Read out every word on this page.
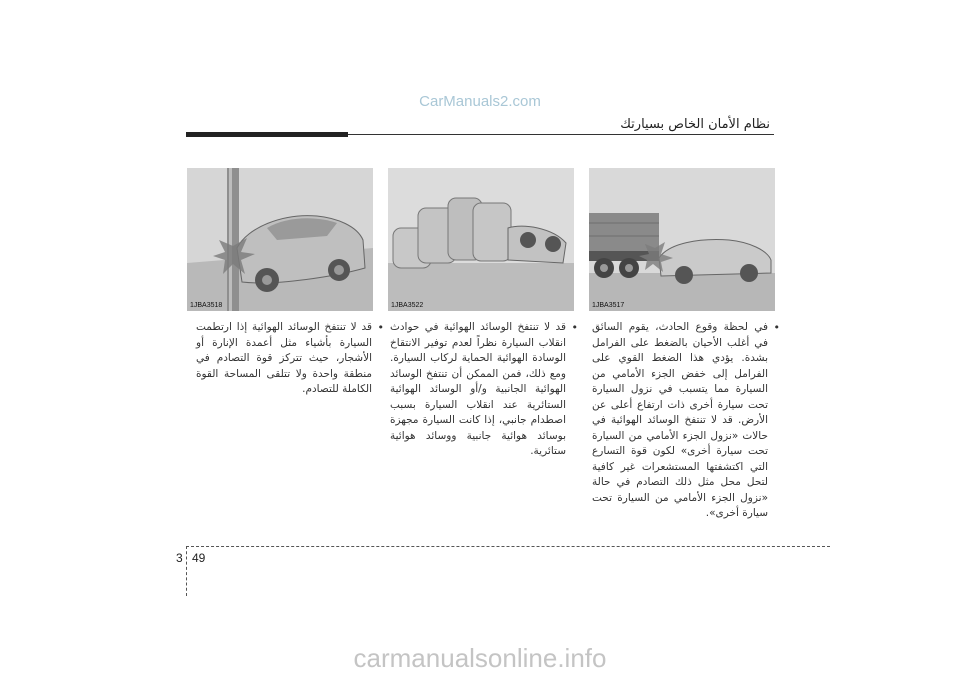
CarManuals2.com
نظام الأمان الخاص بسيارتك
1JBA3518	1JBA3522	1JBA3517
•
قد لا تنتفخ الوسائد الهوائية إذا ارتطمت السيارة بأشياء مثل أعمدة الإنارة أو الأشجار، حيث تتركز قوة التصادم في منطقة واحدة ولا تتلقى المساحة القوة الكاملة للتصادم.
•
قد لا تنتفخ الوسائد الهوائية في حوادث انقلاب السيارة نظراً لعدم توفير الانتقاخ الوسادة الهوائية الحماية لركاب السيارة. ومع ذلك، فمن الممكن أن تنتفخ الوسائد الهوائية الجانبية و/أو الوسائد الهوائية الستائرية عند انقلاب السيارة بسبب اصطدام جانبي، إذا كانت السيارة مجهزة بوسائد هوائية جانبية ووسائد هوائية ستائرية.
•
في لحظة وقوع الحادث، يقوم السائق في أغلب الأحيان بالضغط على الفرامل بشدة. يؤدي هذا الضغط القوي على الفرامل إلى خفض الجزء الأمامي من السيارة مما يتسبب في نزول السيارة تحت سيارة أخرى ذات ارتفاع أعلى عن الأرض. قد لا تنتفخ الوسائد الهوائية في حالات «نزول الجزء الأمامي من السيارة تحت سيارة أخرى» لكون قوة التسارع التي اكتشفتها المستشعرات غير كافية لتحل محل مثل ذلك التصادم في حالة «نزول الجزء الأمامي من السيارة تحت سيارة أخرى».
3 49
carmanualsonline.info
